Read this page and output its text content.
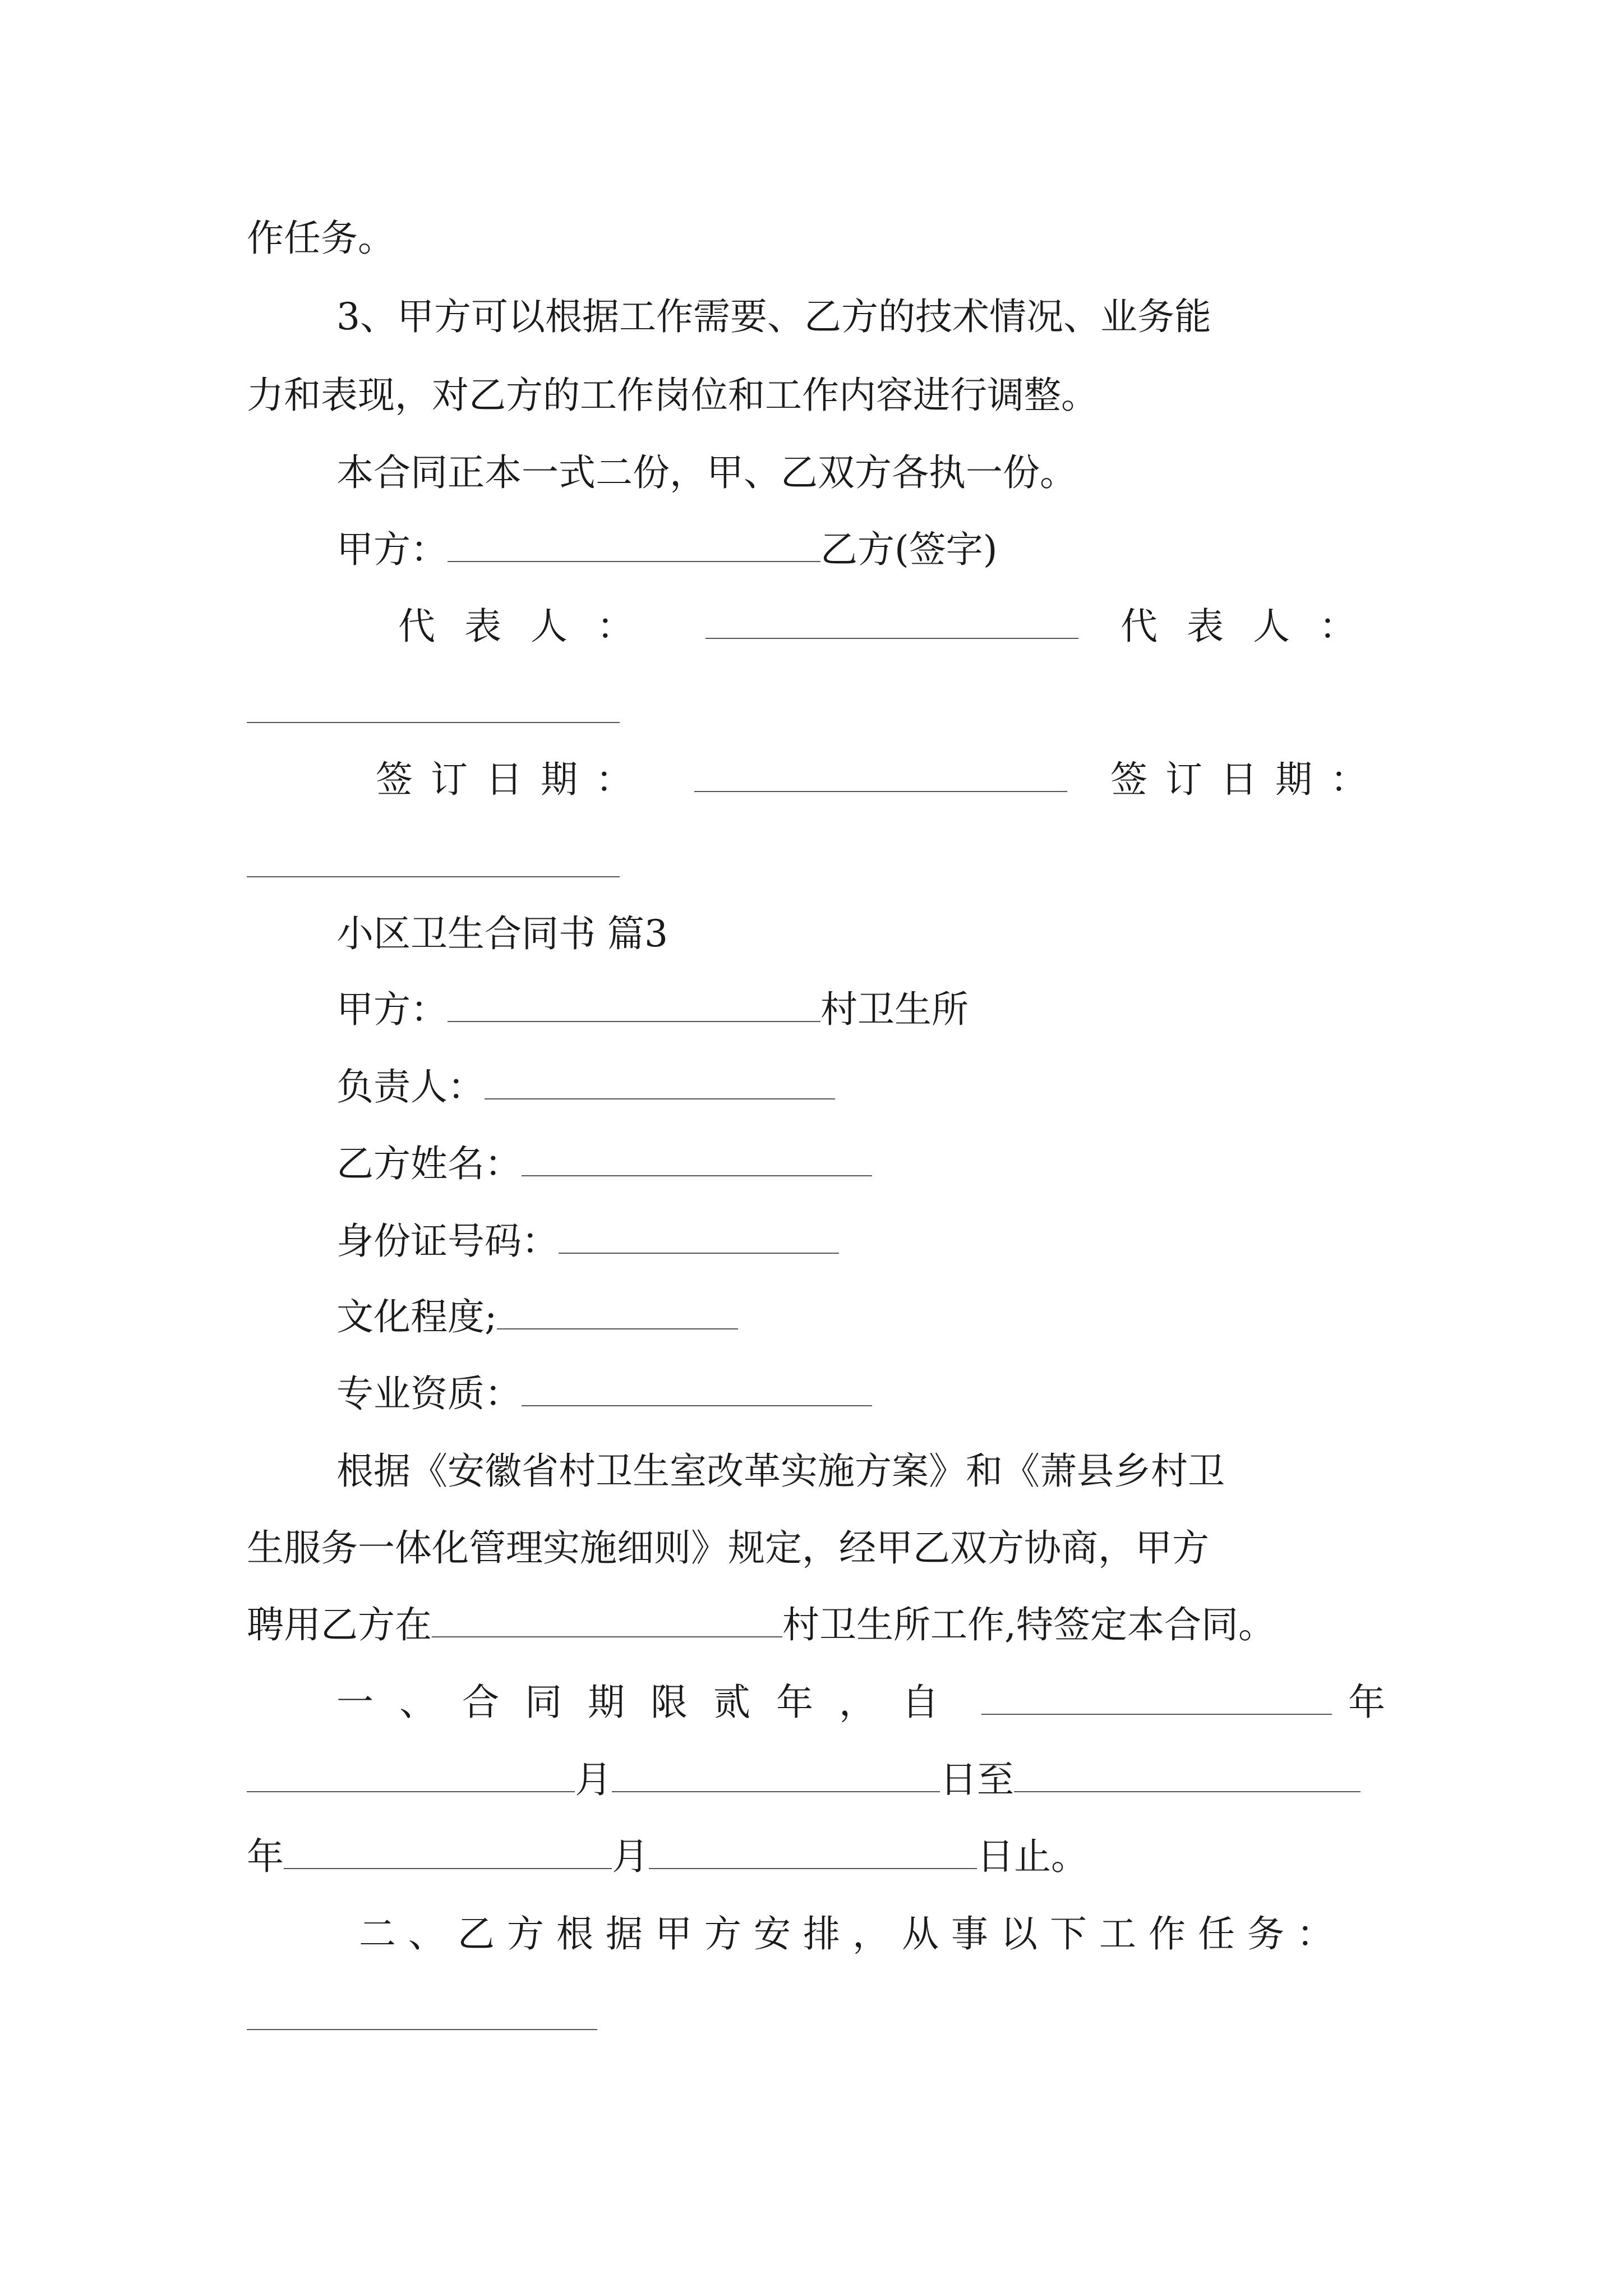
作任务。
3、甲方可以根据工作需要、乙方的技术情况、业务能
力和表现，对乙方的工作岗位和工作内容进行调整。
本合同正本一式二份，甲、乙双方各执一份。
甲方：	乙方(签字)
代表人：	代表人：
签订日期：	签订日期：
小区卫生合同书 篇3
甲方：	村卫生所
负责人：
乙方姓名：
身份证号码：
文化程度;
专业资质：
根据《安徽省村卫生室改革实施方案》和《萧县乡村卫
生服务一体化管理实施细则》规定，经甲乙双方协商，甲方
聘用乙方在	村卫生所工作,特签定本合同。
一、合同期限贰年，自	年
月	日至
年	月	日止。
二、乙方根据甲方安排，从事以下工作任务：
